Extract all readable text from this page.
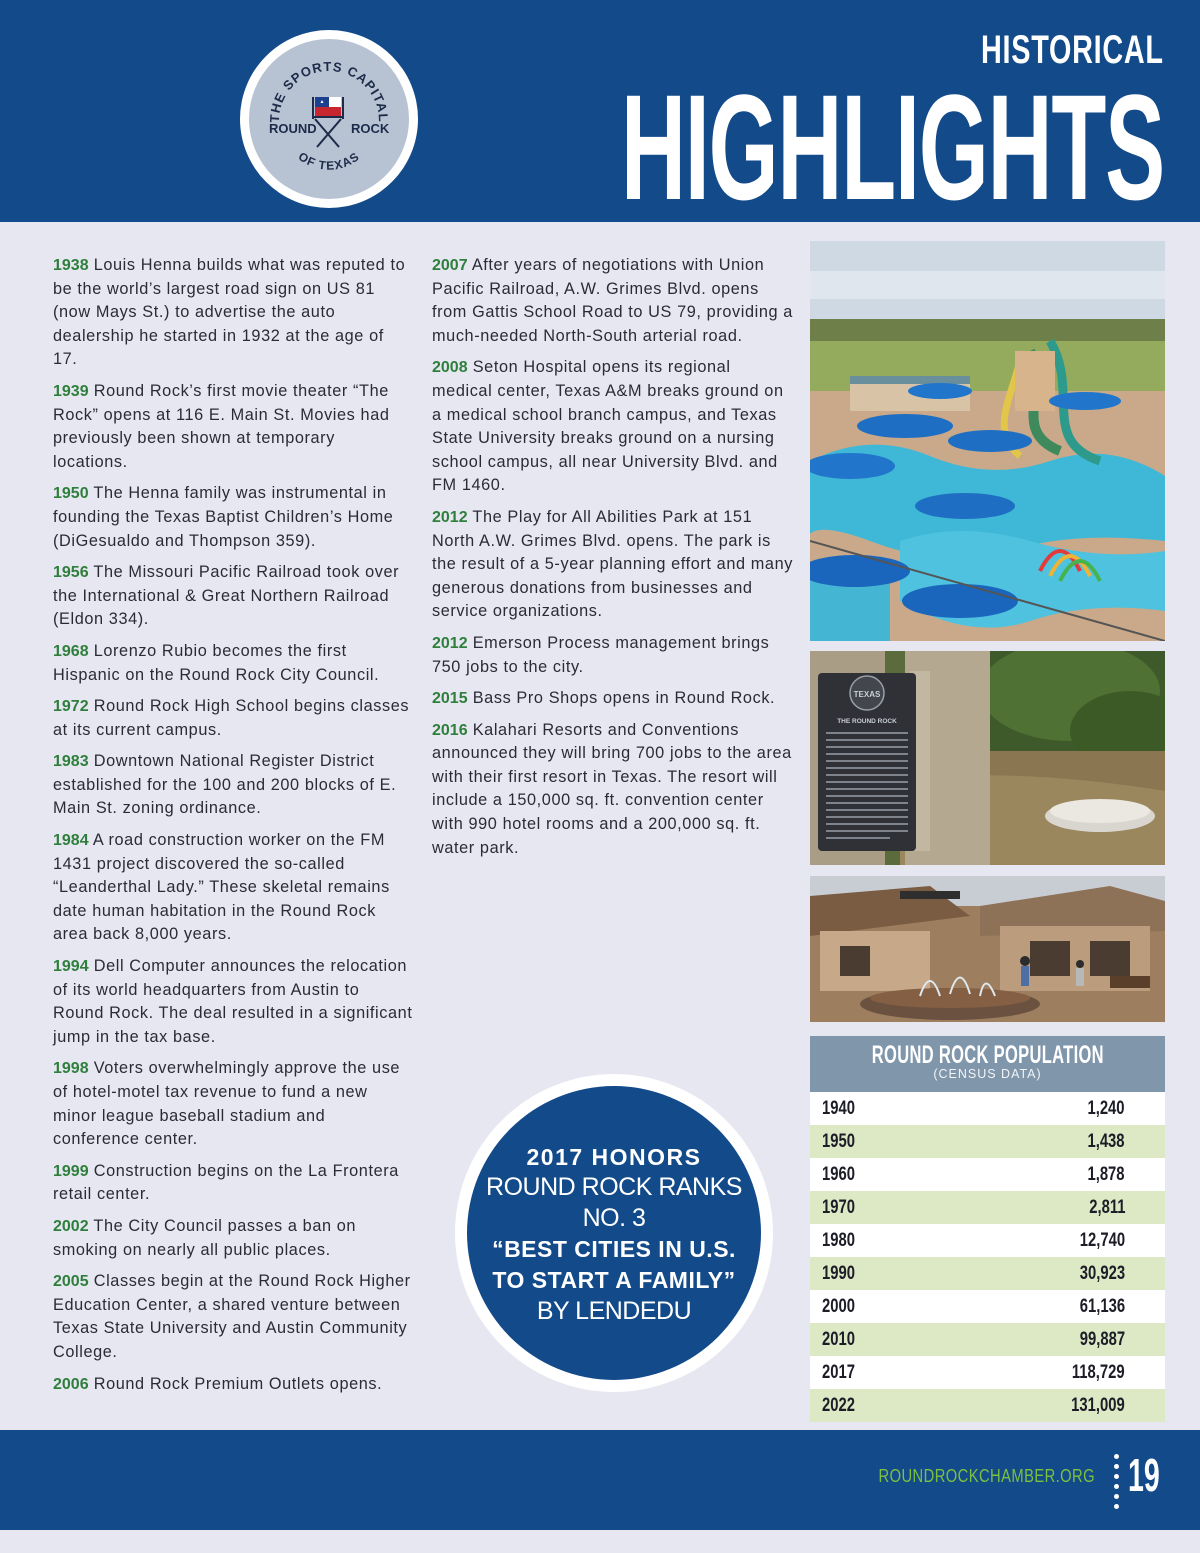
THE SPORTS CAPITAL
OF TEXAS
ROUND	ROCK
HISTORICAL
HIGHLIGHTS

1938 Louis Henna builds what was reputed to be the world’s largest road sign on US 81 (now Mays St.) to advertise the auto dealership he started in 1932 at the age of 17.

1939 Round Rock’s first movie theater “The Rock” opens at 116 E. Main St. Movies had previously been shown at temporary locations.

1950 The Henna family was instrumental in founding the Texas Baptist Children’s Home (DiGesualdo and Thompson 359).

1956 The Missouri Pacific Railroad took over the International & Great Northern Railroad (Eldon 334).

1968 Lorenzo Rubio becomes the first Hispanic on the Round Rock City Council.

1972 Round Rock High School begins classes at its current campus.

1983 Downtown National Register District established for the 100 and 200 blocks of E. Main St. zoning ordinance.

1984 A road construction worker on the FM 1431 project discovered the so-called “Leanderthal Lady.” These skeletal remains date human habitation in the Round Rock area back 8,000 years.

1994 Dell Computer announces the relocation of its world headquarters from Austin to Round Rock. The deal resulted in a significant jump in the tax base.

1998 Voters overwhelmingly approve the use of hotel-motel tax revenue to fund a new minor league baseball stadium and conference center.

1999 Construction begins on the La Frontera retail center.

2002 The City Council passes a ban on smoking on nearly all public places.

2005 Classes begin at the Round Rock Higher Education Center, a shared venture between Texas State University and Austin Community College.

2006 Round Rock Premium Outlets opens.

2007 After years of negotiations with Union Pacific Railroad, A.W. Grimes Blvd. opens from Gattis School Road to US 79, providing a much-needed North-South arterial road.

2008 Seton Hospital opens its regional medical center, Texas A&M breaks ground on a medical school branch campus, and Texas State University breaks ground on a nursing school campus, all near University Blvd. and FM 1460.

2012 The Play for All Abilities Park at 151 North A.W. Grimes Blvd. opens. The park is the result of a 5-year planning effort and many generous donations from businesses and service organizations.

2012 Emerson Process management brings 750 jobs to the city.

2015 Bass Pro Shops opens in Round Rock.

2016 Kalahari Resorts and Conventions announced they will bring 700 jobs to the area with their first resort in Texas. The resort will include a 150,000 sq. ft. convention center with 990 hotel rooms and a 200,000 sq. ft. water park.

TEXAS
THE ROUND ROCK
ROUND ROCK POPULATION
(CENSUS DATA)
1940	1,240
1950	1,438
1960	1,878
1970	2,811
1980	12,740
1990	30,923
2000	61,136
2010	99,887
2017	118,729
2022	131,009
2017 HONORS
ROUND ROCK RANKS
NO. 3
“BEST CITIES IN U.S.
TO START A FAMILY”
BY LENDEDU
ROUNDROCKCHAMBER.ORG 19
